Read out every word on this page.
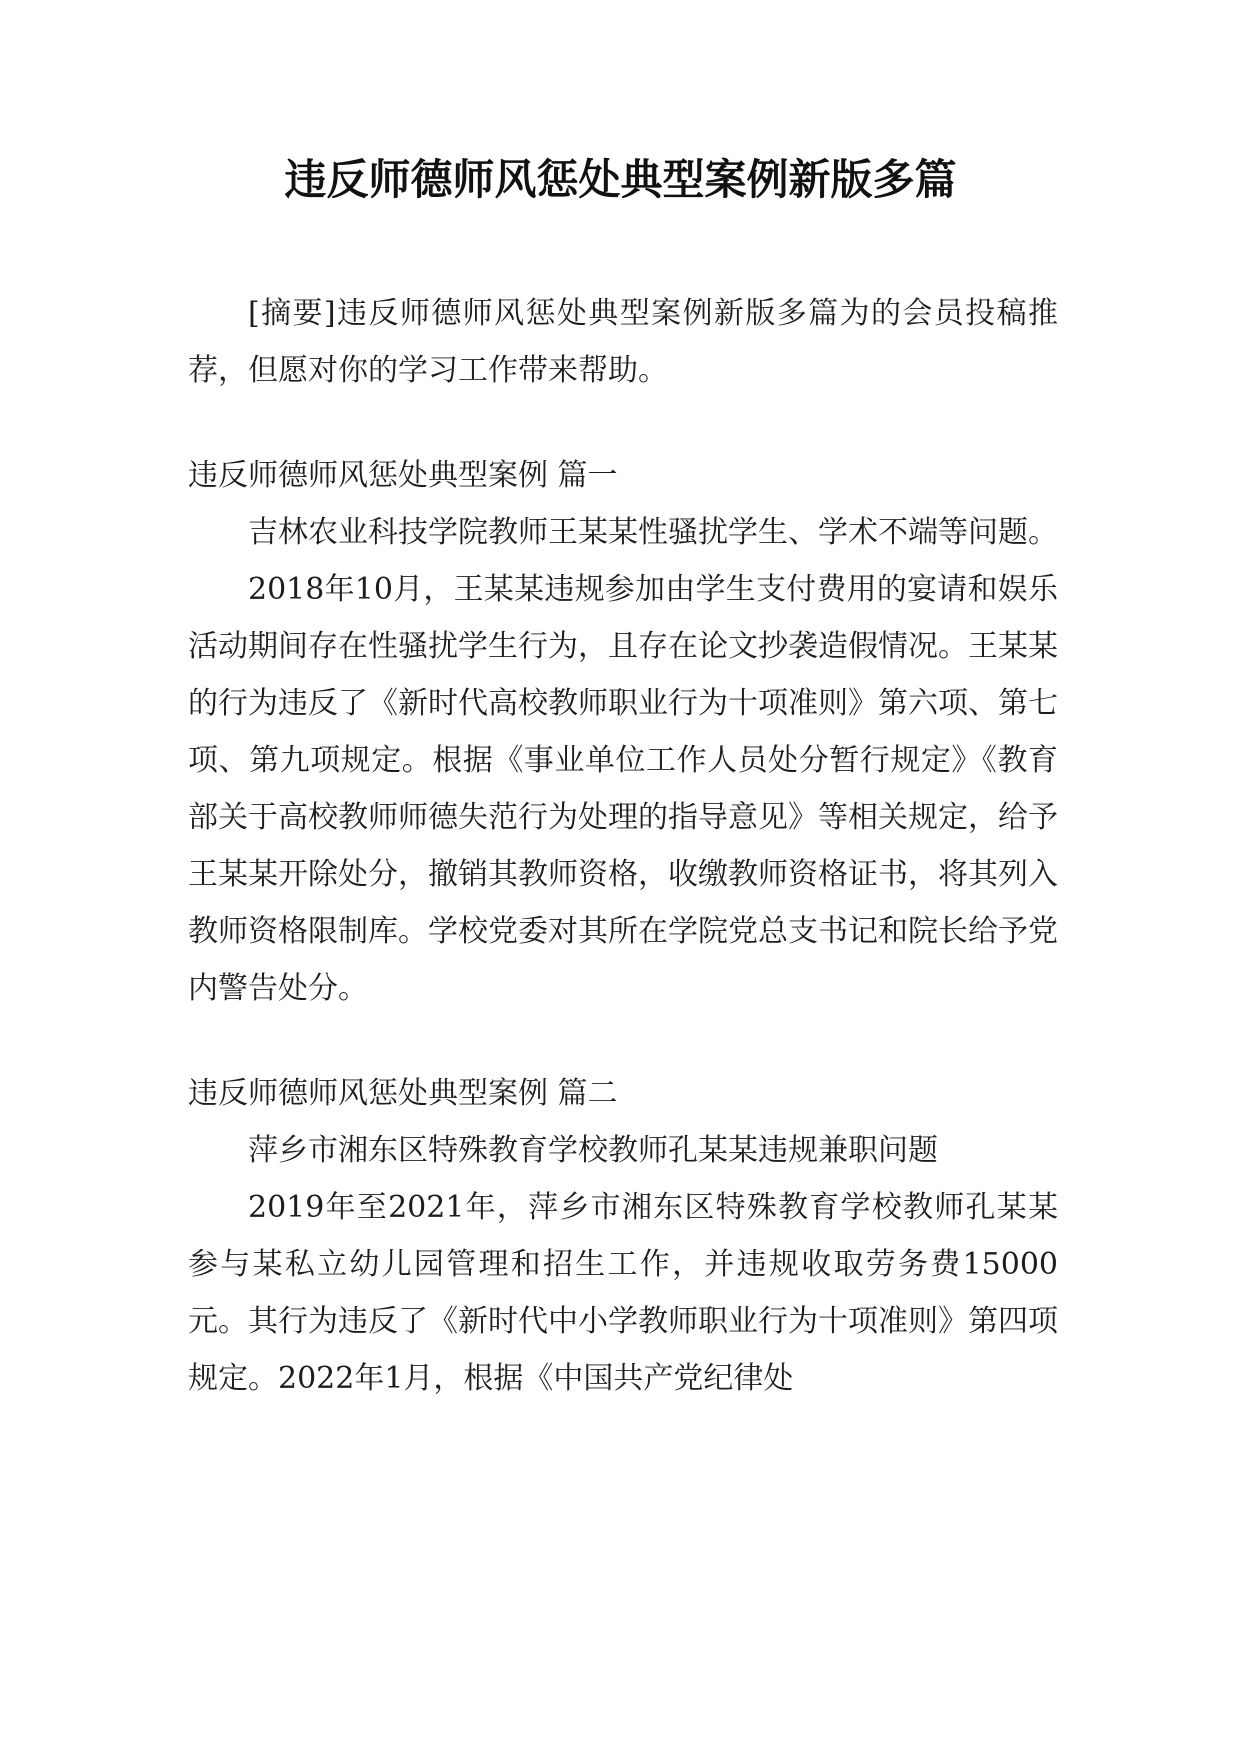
违反师德师风惩处典型案例新版多篇

[摘要]违反师德师风惩处典型案例新版多篇为的会员投稿推荐，但愿对你的学习工作带来帮助。

违反师德师风惩处典型案例 篇一

吉林农业科技学院教师王某某性骚扰学生、学术不端等问题。

2018年10月，王某某违规参加由学生支付费用的宴请和娱乐活动期间存在性骚扰学生行为，且存在论文抄袭造假情况。王某某的行为违反了《新时代高校教师职业行为十项准则》第六项、第七项、第九项规定。根据《事业单位工作人员处分暂行规定》《教育部关于高校教师师德失范行为处理的指导意见》等相关规定，给予王某某开除处分，撤销其教师资格，收缴教师资格证书，将其列入教师资格限制库。学校党委对其所在学院党总支书记和院长给予党内警告处分。

违反师德师风惩处典型案例 篇二

萍乡市湘东区特殊教育学校教师孔某某违规兼职问题

2019年至2021年，萍乡市湘东区特殊教育学校教师孔某某参与某私立幼儿园管理和招生工作，并违规收取劳务费15000元。其行为违反了《新时代中小学教师职业行为十项准则》第四项规定。2022年1月，根据《中国共产党纪律处
